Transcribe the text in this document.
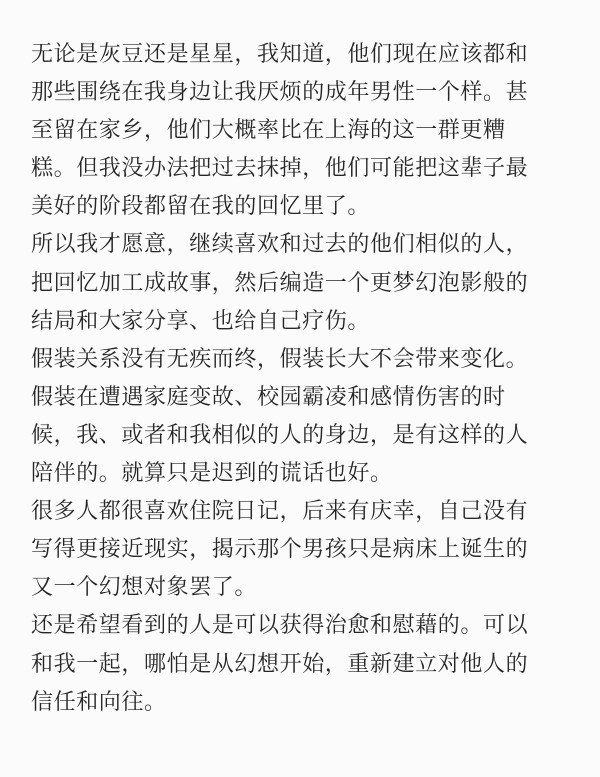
无论是灰豆还是星星，我知道，他们现在应该都和
那些围绕在我身边让我厌烦的成年男性一个样。甚
至留在家乡，他们大概率比在上海的这一群更糟
糕。但我没办法把过去抹掉，他们可能把这辈子最
美好的阶段都留在我的回忆里了。
所以我才愿意，继续喜欢和过去的他们相似的人，
把回忆加工成故事，然后编造一个更梦幻泡影般的
结局和大家分享、也给自己疗伤。
假装关系没有无疾而终，假装长大不会带来变化。
假装在遭遇家庭变故、校园霸凌和感情伤害的时
候，我、或者和我相似的人的身边，是有这样的人
陪伴的。就算只是迟到的谎话也好。
很多人都很喜欢住院日记，后来有庆幸，自己没有
写得更接近现实，揭示那个男孩只是病床上诞生的
又一个幻想对象罢了。
还是希望看到的人是可以获得治愈和慰藉的。可以
和我一起，哪怕是从幻想开始，重新建立对他人的
信任和向往。
